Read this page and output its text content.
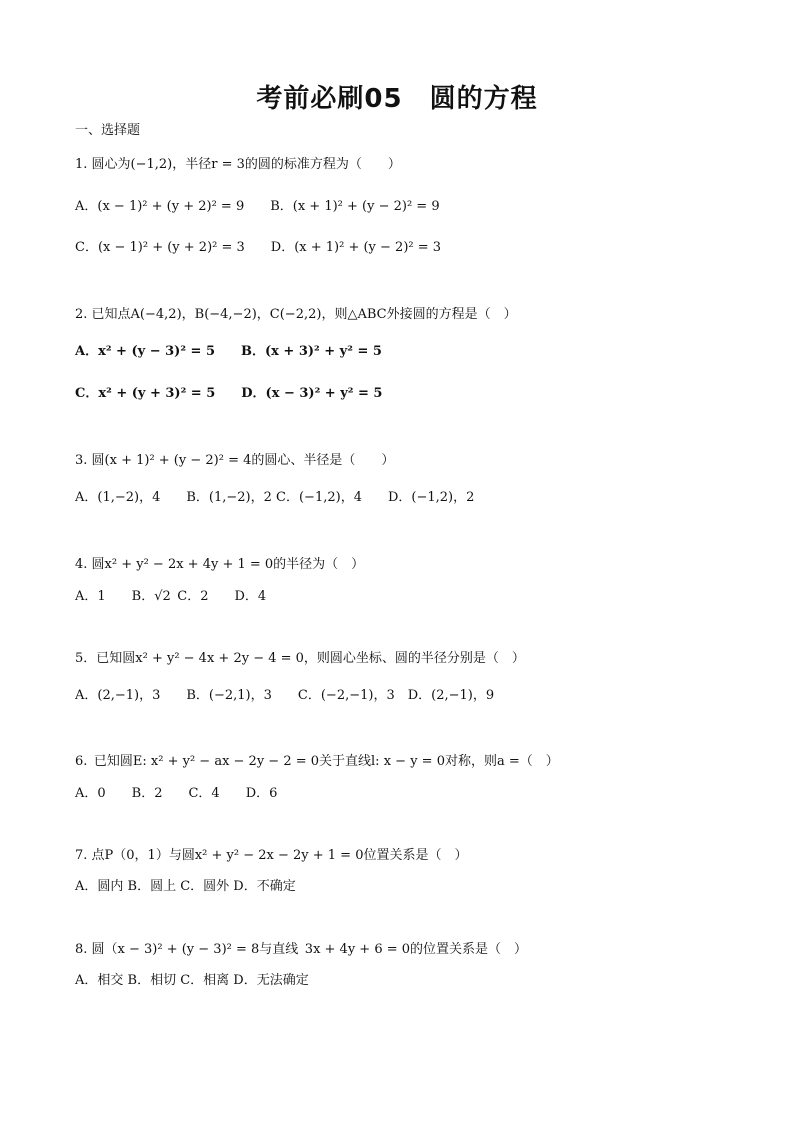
考前必刷05　圆的方程
一、选择题
1. 圆心为(−1,2)，半径r = 3的圆的标准方程为（　　）
A．(x − 1)² + (y + 2)² = 9　　B．(x + 1)² + (y − 2)² = 9
C．(x − 1)² + (y + 2)² = 3　　D．(x + 1)² + (y − 2)² = 3
2. 已知点A(−4,2)，B(−4,−2)，C(−2,2)，则△ABC外接圆的方程是（　）
A．x² + (y − 3)² = 5　　B．(x + 3)² + y² = 5
C．x² + (y + 3)² = 5　　D．(x − 3)² + y² = 5
3. 圆(x + 1)² + (y − 2)² = 4的圆心、半径是（　　）
A．(1,−2)，4　　B．(1,−2)，2 C．(−1,2)，4　　D．(−1,2)，2
4. 圆x² + y² − 2x + 4y + 1 = 0的半径为（　）
A．1　　B．√2 C．2　　D．4
5．已知圆x² + y² − 4x + 2y − 4 = 0，则圆心坐标、圆的半径分别是（　）
A．(2,−1)，3　　B．(−2,1)，3　　C．(−2,−1)，3　D．(2,−1)，9
6. 已知圆E: x² + y² − ax − 2y − 2 = 0关于直线l: x − y = 0对称，则a =（　）
A．0　　B．2　　C．4　　D．6
7. 点P（0，1）与圆x² + y² − 2x − 2y + 1 = 0位置关系是（　）
A．圆内 B．圆上 C．圆外 D．不确定
8. 圆（x − 3)² + (y − 3)² = 8与直线 3x + 4y + 6 = 0的位置关系是（　）
A．相交 B．相切 C．相离 D．无法确定
